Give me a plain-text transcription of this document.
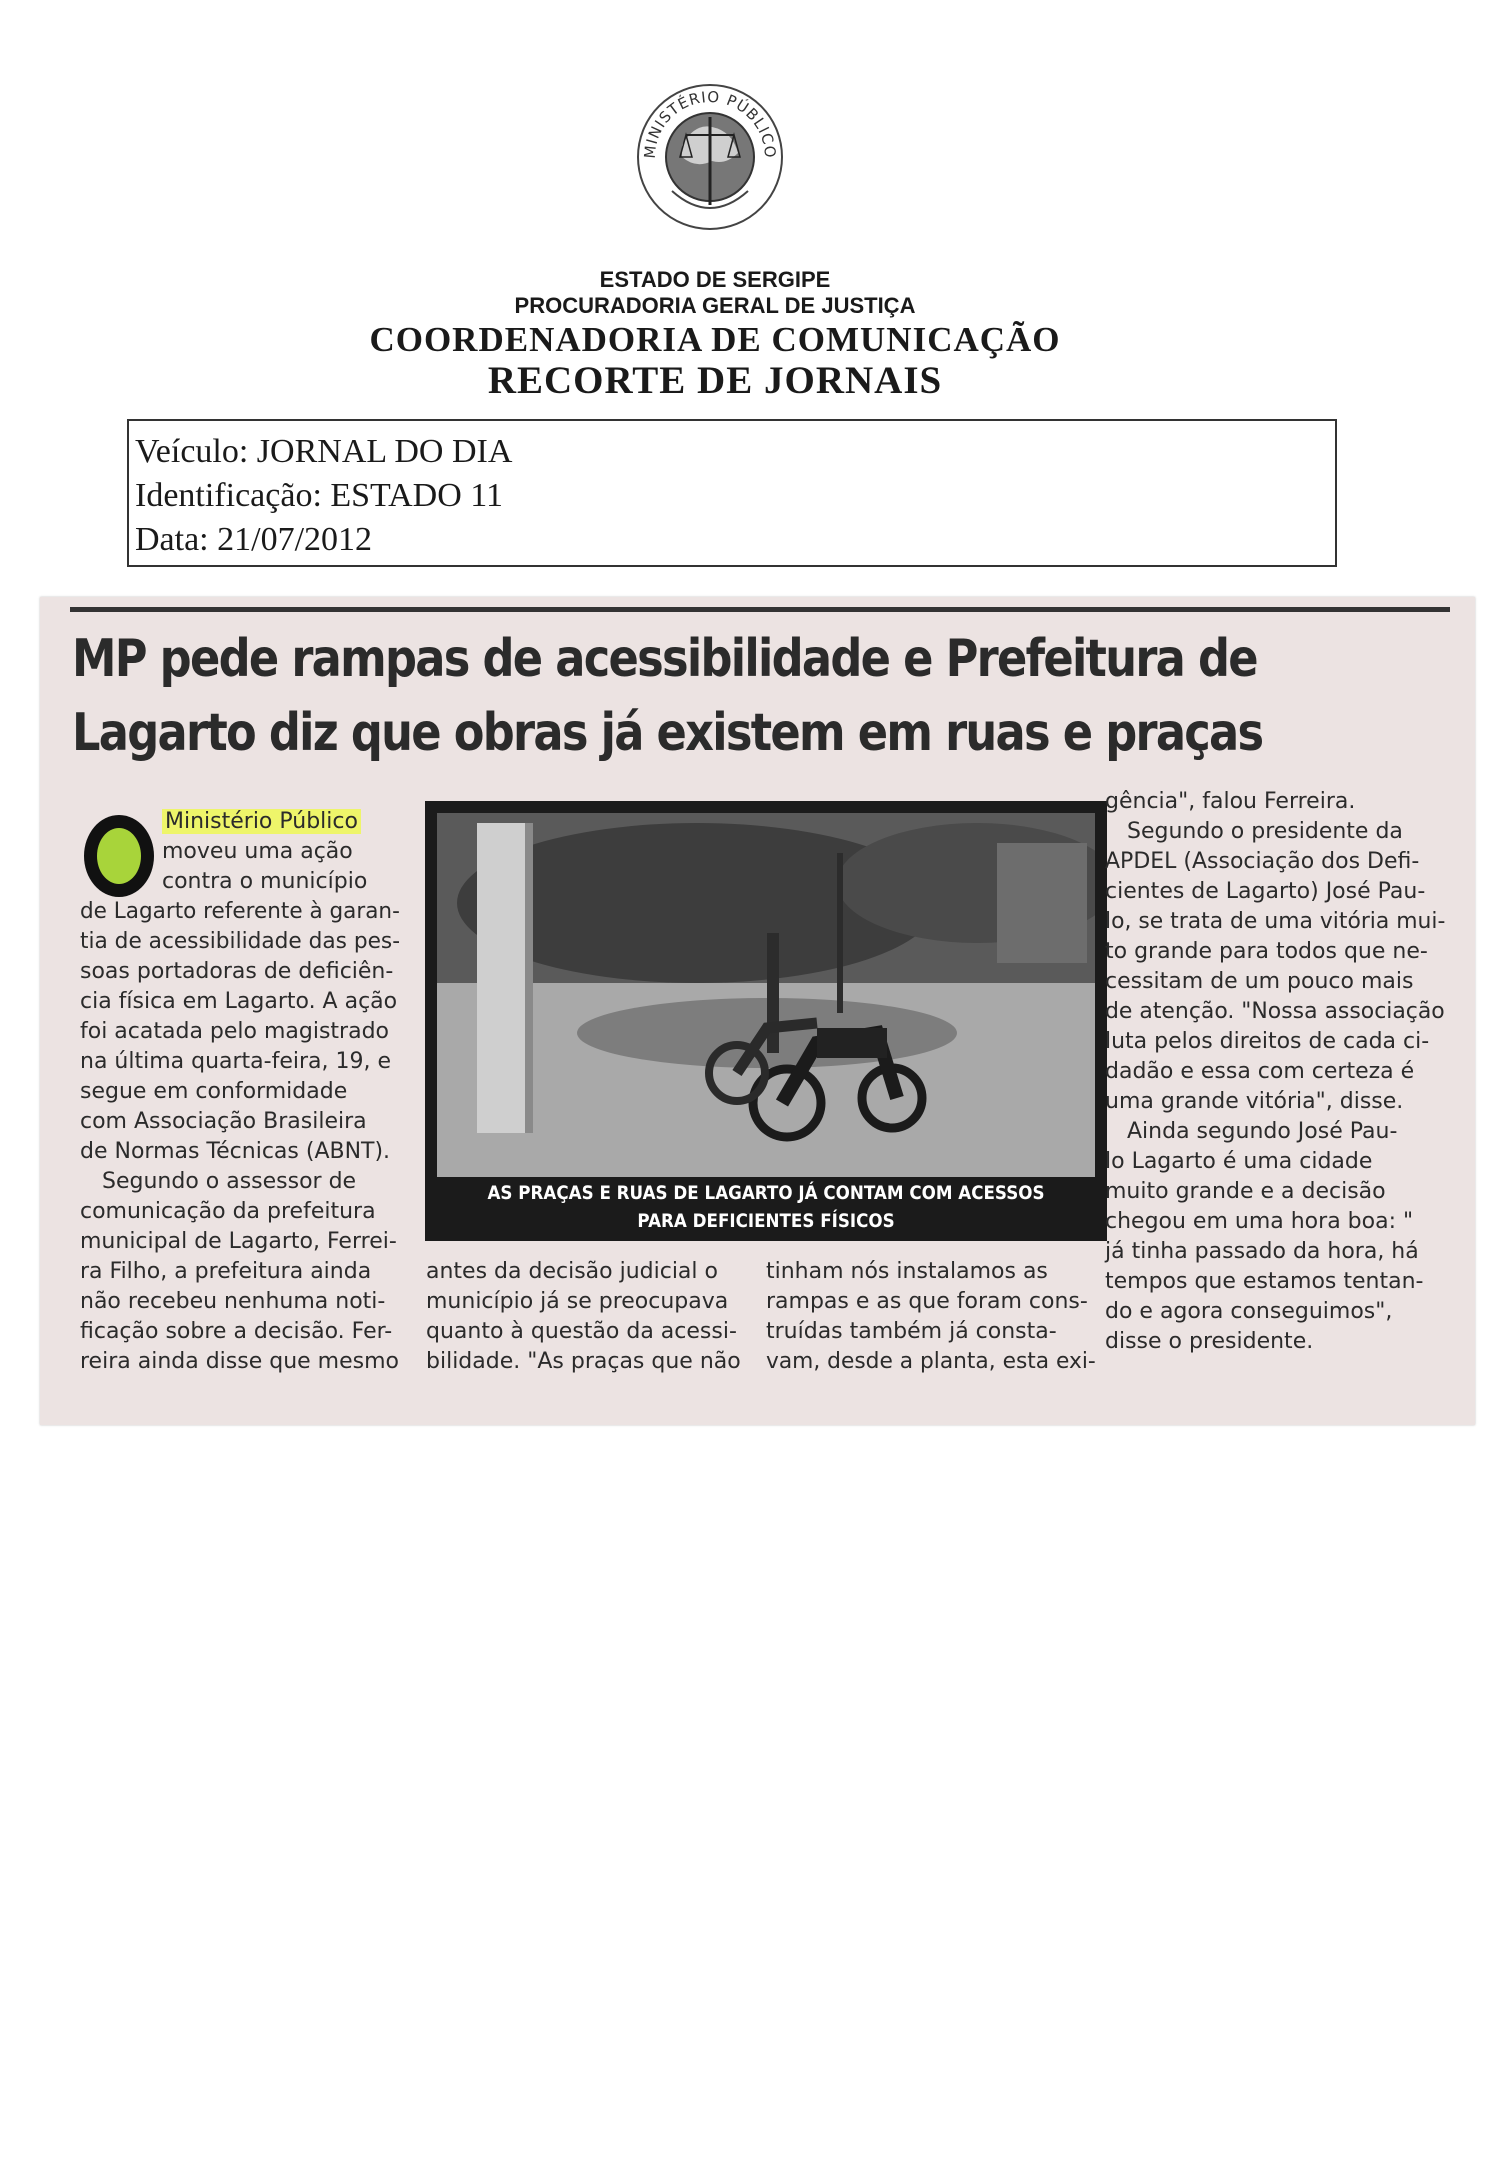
MINISTÉRIO PÚBLICO
ESTADO DE SERGIPE
PROCURADORIA GERAL DE JUSTIÇA
COORDENADORIA DE COMUNICAÇÃO
RECORTE DE JORNAIS
Veículo: JORNAL DO DIA
Identificação: ESTADO 11
Data: 21/07/2012
MP pede rampas de acessibilidade e Prefeitura de
Lagarto diz que obras já existem em ruas e praças
Ministério Público
moveu uma ação
contra o município
de Lagarto referente à garan-
tia de acessibilidade das pes-
soas portadoras de deficiên-
cia física em Lagarto. A ação
foi acatada pelo magistrado
na última quarta-feira, 19, e
segue em conformidade
com Associação Brasileira
de Normas Técnicas (ABNT).
Segundo o assessor de
comunicação da prefeitura
municipal de Lagarto, Ferrei-
ra Filho, a prefeitura ainda
não recebeu nenhuma noti-
ficação sobre a decisão. Fer-
reira ainda disse que mesmo
AS PRAÇAS E RUAS DE LAGARTO JÁ CONTAM COM ACESSOS
PARA DEFICIENTES FÍSICOS
antes da decisão judicial o
município já se preocupava
quanto à questão da acessi-
bilidade. "As praças que não
tinham nós instalamos as
rampas e as que foram cons-
truídas também já consta-
vam, desde a planta, esta exi-
gência", falou Ferreira.
Segundo o presidente da
APDEL (Associação dos Defi-
cientes de Lagarto) José Pau-
lo, se trata de uma vitória mui-
to grande para todos que ne-
cessitam de um pouco mais
de atenção. "Nossa associação
luta pelos direitos de cada ci-
dadão e essa com certeza é
uma grande vitória", disse.
Ainda segundo José Pau-
lo Lagarto é uma cidade
muito grande e a decisão
chegou em uma hora boa: "
já tinha passado da hora, há
tempos que estamos tentan-
do e agora conseguimos",
disse o presidente.
